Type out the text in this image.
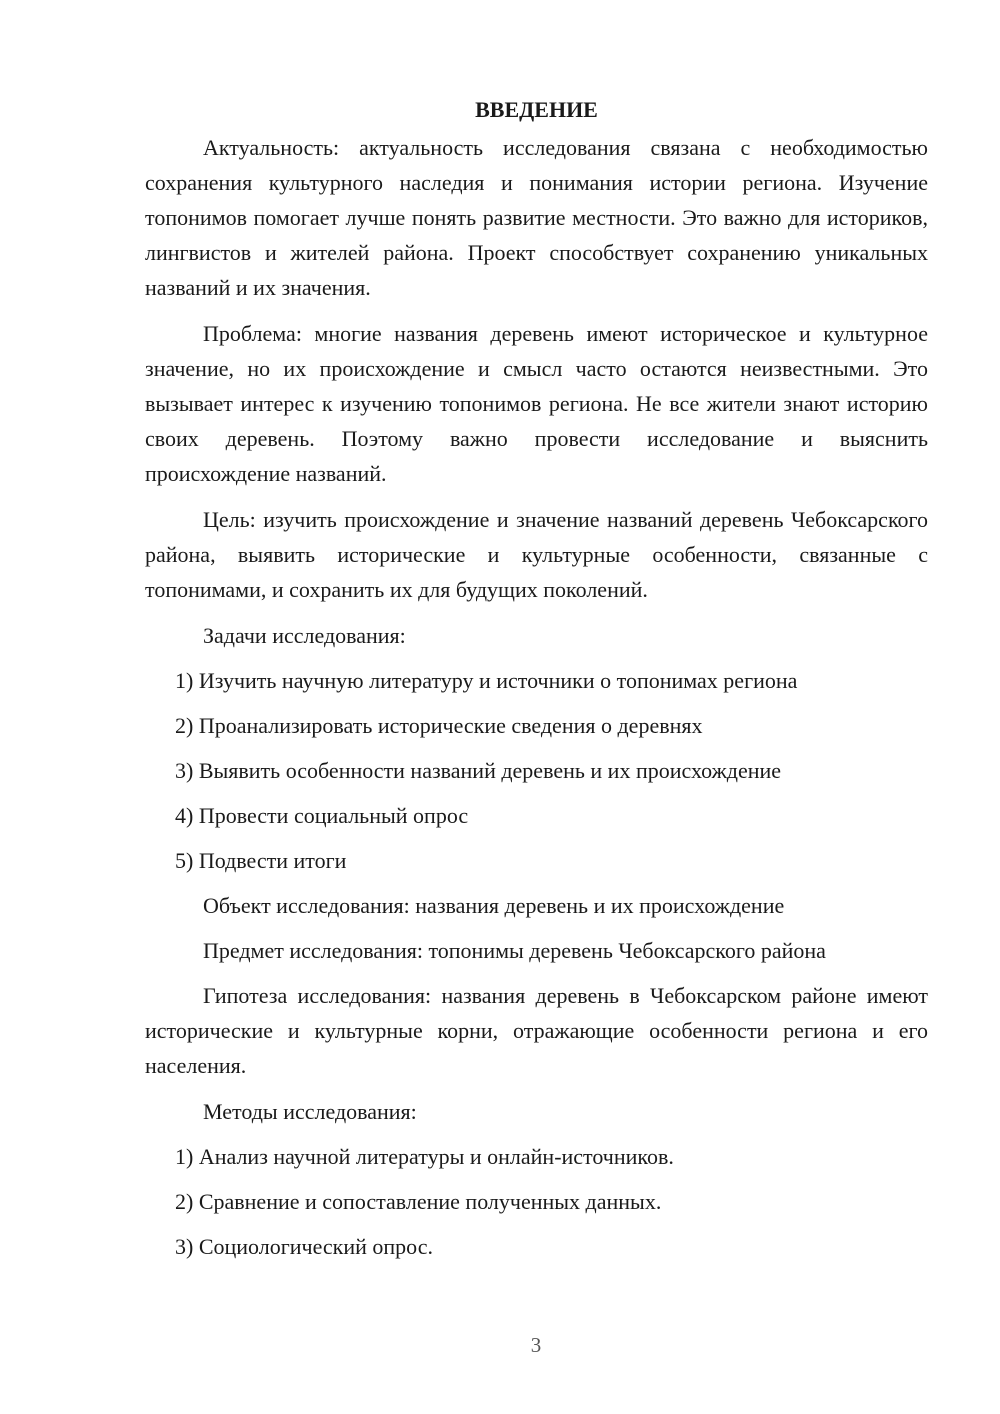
ВВЕДЕНИЕ

Актуальность: актуальность исследования связана с необходимостью сохранения культурного наследия и понимания истории региона. Изучение топонимов помогает лучше понять развитие местности. Это важно для историков, лингвистов и жителей района. Проект способствует сохранению уникальных названий и их значения.

Проблема: многие названия деревень имеют историческое и культурное значение, но их происхождение и смысл часто остаются неизвестными. Это вызывает интерес к изучению топонимов региона. Не все жители знают историю своих деревень. Поэтому важно провести исследование и выяснить происхождение названий.

Цель: изучить происхождение и значение названий деревень Чебоксарского района, выявить исторические и культурные особенности, связанные с топонимами, и сохранить их для будущих поколений.

Задачи исследования:
1) Изучить научную литературу и источники о топонимах региона
2) Проанализировать исторические сведения о деревнях
3) Выявить особенности названий деревень и их происхождение
4) Провести социальный опрос
5) Подвести итоги
Объект исследования: названия деревень и их происхождение
Предмет исследования: топонимы деревень Чебоксарского района

Гипотеза исследования: названия деревень в Чебоксарском районе имеют исторические и культурные корни, отражающие особенности региона и его населения.

Методы исследования:
1) Анализ научной литературы и онлайн-источников.
2) Сравнение и сопоставление полученных данных.
3) Социологический опрос.
3
